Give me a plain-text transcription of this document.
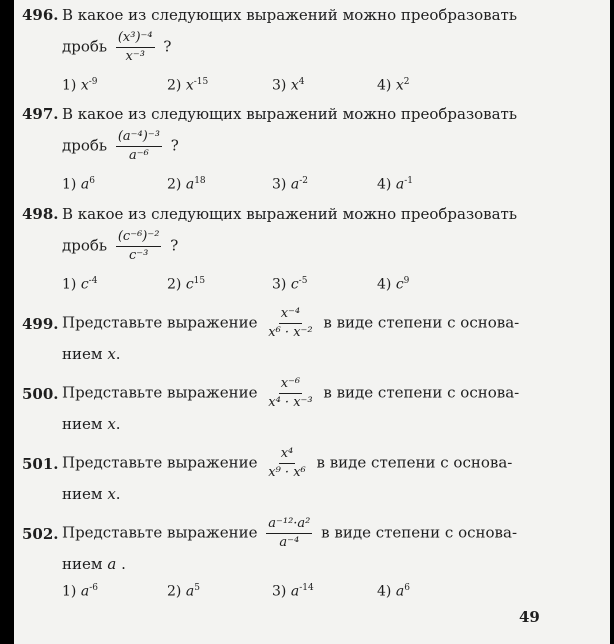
496. В какое из следующих выражений можно преобразовать
дробь $\frac{\text{(x³)⁻⁴}}{\text{x⁻³}}$ ?
1) $x^{-9}$	2) $x^{-15}$	3) $x^4$	4) $x^2$
497. В какое из следующих выражений можно преобразовать
дробь $\frac{\text{(a⁻⁴)⁻³}}{\text{a⁻⁶}}$ ?
1) $a^6$	2) $a^{18}$	3) $a^{-2}$	4) $a^{-1}$
498. В какое из следующих выражений можно преобразовать
дробь $\frac{\text{(c⁻⁶)⁻²}}{\text{c⁻³}}$ ?
1) $c^{-4}$	2) $c^{15}$	3) $c^{-5}$	4) $c^9$
499. Представьте выражение $\frac{\text{x⁻⁴}}{\text{x⁶ · x⁻²}}$ в виде степени с основа-
нием x.
500. Представьте выражение $\frac{\text{x⁻⁶}}{\text{x⁴ · x⁻³}}$ в виде степени с основа-
нием x.
501. Представьте выражение $\frac{\text{x⁴}}{\text{x⁹ · x⁶}}$ в виде степени с основа-
нием x.
502. Представьте выражение $\frac{\text{a⁻¹²·a²}}{\text{a⁻⁴}}$ в виде степени с основа-
нием a .
1) $a^{-6}$	2) $a^5$	3) $a^{-14}$	4) $a^6$
49
